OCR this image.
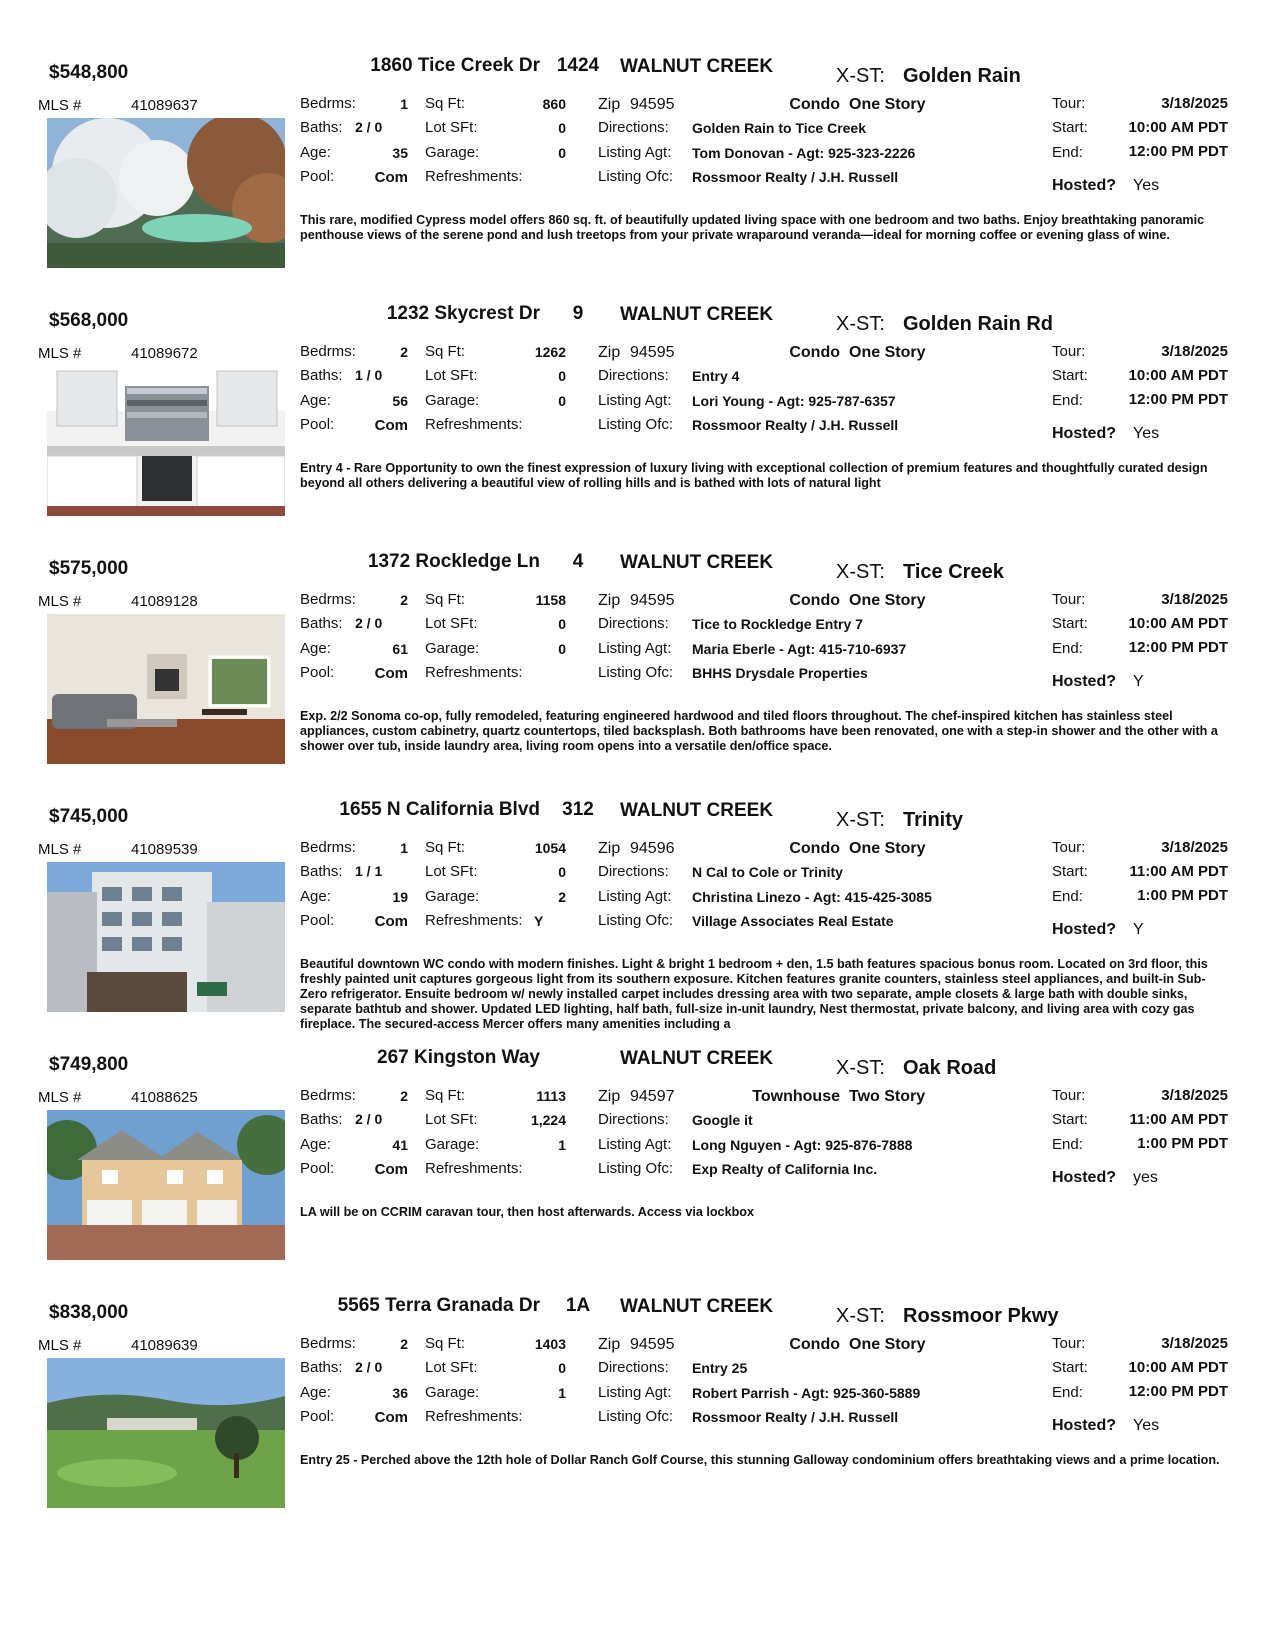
$548,800	1860 Tice Creek Dr 1424	WALNUT CREEK	X-ST: Golden Rain
MLS #	41089637	Bedrms:	1
Baths: 2 / 0
Age:	35
Pool:	Com
Sq Ft:	860
Lot SFt:	0
Garage:	0
Refreshments:
Zip 94595	Condo One Story
Directions: Golden Rain to Tice Creek
Listing Agt: Tom Donovan - Agt: 925-323-2226
Listing Ofc: Rossmoor Realty / J.H. Russell
Tour:	3/18/2025
Start:	10:00 AM PDT
End:	12:00 PM PDT
Hosted? Yes
This rare, modified Cypress model offers 860 sq. ft. of beautifully updated living space with one bedroom and two baths. Enjoy breathtaking panoramic penthouse views of the serene pond and lush treetops from your private wraparound veranda—ideal for morning coffee or evening glass of wine.
$568,000	1232 Skycrest Dr	9	WALNUT CREEK	X-ST: Golden Rain Rd
MLS #	41089672	Bedrms:	2
Baths: 1 / 0
Age:	56
Pool:	Com
Sq Ft:	1262
Lot SFt:	0
Garage:	0
Refreshments:
Zip 94595	Condo One Story
Directions: Entry 4
Listing Agt: Lori Young - Agt: 925-787-6357
Listing Ofc: Rossmoor Realty / J.H. Russell
Tour:	3/18/2025
Start:	10:00 AM PDT
End:	12:00 PM PDT
Hosted? Yes
Entry 4 - Rare Opportunity to own the finest expression of luxury living with exceptional collection of premium features and thoughtfully curated design beyond all others delivering a beautiful view of rolling hills and is bathed with lots of natural light
$575,000	1372 Rockledge Ln	4	WALNUT CREEK	X-ST: Tice Creek
MLS #	41089128	Bedrms:	2
Baths: 2 / 0
Age:	61
Pool:	Com
Sq Ft:	1158
Lot SFt:	0
Garage:	0
Refreshments:
Zip 94595	Condo One Story
Directions: Tice to Rockledge Entry 7
Listing Agt: Maria Eberle - Agt: 415-710-6937
Listing Ofc: BHHS Drysdale Properties
Tour:	3/18/2025
Start:	10:00 AM PDT
End:	12:00 PM PDT
Hosted? Y
Exp. 2/2 Sonoma co-op, fully remodeled, featuring engineered hardwood and tiled floors throughout. The chef-inspired kitchen has stainless steel appliances, custom cabinetry, quartz countertops, tiled backsplash. Both bathrooms have been renovated, one with a step-in shower and the other with a shower over tub, inside laundry area, living room opens into a versatile den/office space.
$745,000	1655 N California Blvd	312	WALNUT CREEK	X-ST: Trinity
MLS #	41089539	Bedrms:	1
Baths: 1 / 1
Age:	19
Pool:	Com
Sq Ft:	1054
Lot SFt:	0
Garage:	2
Refreshments: Y
Zip 94596	Condo One Story
Directions: N Cal to Cole or Trinity
Listing Agt: Christina Linezo - Agt: 415-425-3085
Listing Ofc: Village Associates Real Estate
Tour:	3/18/2025
Start:	11:00 AM PDT
End:	1:00 PM PDT
Hosted? Y
Beautiful downtown WC condo with modern finishes. Light & bright 1 bedroom + den, 1.5 bath features spacious bonus room. Located on 3rd floor, this freshly painted unit captures gorgeous light from its southern exposure. Kitchen features granite counters, stainless steel appliances, and built-in Sub-Zero refrigerator. Ensuite bedroom w/ newly installed carpet includes dressing area with two separate, ample closets & large bath with double sinks, separate bathtub and shower. Updated LED lighting, half bath, full-size in-unit laundry, Nest thermostat, private balcony, and living area with cozy gas fireplace. The secured-access Mercer offers many amenities including a
$749,800	267 Kingston Way	WALNUT CREEK	X-ST: Oak Road
MLS #	41088625	Bedrms:	2
Baths: 2 / 0
Age:	41
Pool:	Com
Sq Ft:	1113
Lot SFt:	1,224
Garage:	1
Refreshments:
Zip 94597	Townhouse Two Story
Directions: Google it
Listing Agt: Long Nguyen - Agt: 925-876-7888
Listing Ofc: Exp Realty of California Inc.
Tour:	3/18/2025
Start:	11:00 AM PDT
End:	1:00 PM PDT
Hosted? yes
LA will be on CCRIM caravan tour, then host afterwards. Access via lockbox
$838,000	5565 Terra Granada Dr	1A	WALNUT CREEK	X-ST: Rossmoor Pkwy
MLS #	41089639	Bedrms:	2
Baths: 2 / 0
Age:	36
Pool:	Com
Sq Ft:	1403
Lot SFt:	0
Garage:	1
Refreshments:
Zip 94595	Condo One Story
Directions: Entry 25
Listing Agt: Robert Parrish - Agt: 925-360-5889
Listing Ofc: Rossmoor Realty / J.H. Russell
Tour:	3/18/2025
Start:	10:00 AM PDT
End:	12:00 PM PDT
Hosted? Yes
Entry 25 - Perched above the 12th hole of Dollar Ranch Golf Course, this stunning Galloway condominium offers breathtaking views and a prime location.
